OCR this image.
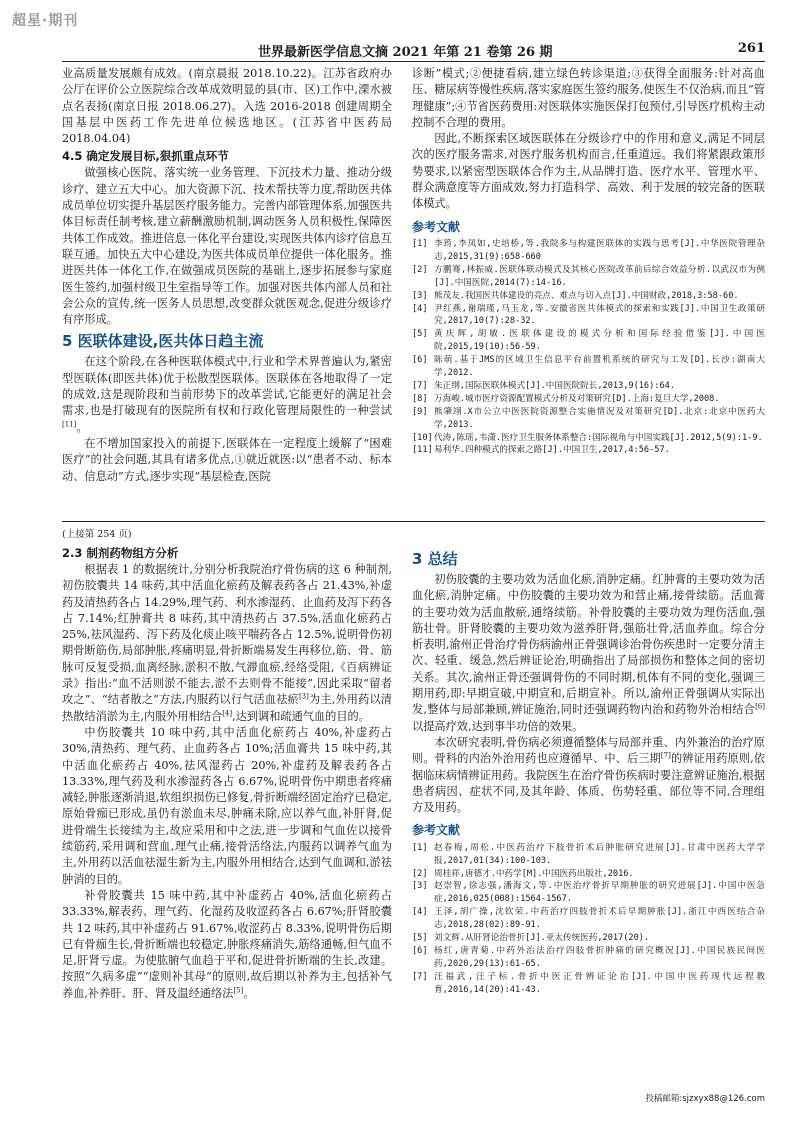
超星·期刊
世界最新医学信息文摘 2021 年第 21 卷第 26 期	261

业高质量发展颇有成效。(南京晨报 2018.10.22)。江苏省政府办公厅在评价公立医院综合改革成效明显的县(市、区)工作中,溧水被点名表扬(南京日报 2018.06.27)。入选 2016-2018 创建周期全国基层中医药工作先进单位候选地区。(江苏省中医药局 2018.04.04)

4.5 确定发展目标,狠抓重点环节

做强核心医院、落实统一业务管理、下沉技术力量、推动分级诊疗、建立五大中心。加大资源下沉、技术帮扶等力度,帮助医共体成员单位切实提升基层医疗服务能力。完善内部管理体系,加强医共体目标责任制考核,建立薪酬激励机制,调动医务人员积极性,保障医共体工作成效。推进信息一体化平台建设,实现医共体内诊疗信息互联互通。加快五大中心建设,为医共体成员单位提供一体化服务。推进医共体一体化工作,在做强成员医院的基础上,逐步拓展参与家庭医生签约,加强村级卫生室指导等工作。加强对医共体内部人员和社会公众的宣传,统一医务人员思想,改变群众就医观念,促进分级诊疗有序形成。

5 医联体建设,医共体日趋主流

在这个阶段,在各种医联体模式中,行业和学术界普遍认为,紧密型医联体(即医共体)优于松散型医联体。医联体在各地取得了一定的成效,这是现阶段和当前形势下的改革尝试,它能更好的满足社会需求,也是打破现有的医院所有权和行政化管理局限性的一种尝试[11]。

在不增加国家投入的前提下,医联体在一定程度上缓解了“困难医疗”的社会问题,其具有诸多优点,①就近就医:以“患者不动、标本动、信息动”方式,逐步实现“基层检查,医院

诊断”模式;②便捷看病,建立绿色转诊渠道;③获得全面服务:针对高血压、糖尿病等慢性疾病,落实家庭医生签约服务,使医生不仅治病,而且“管理健康”;④节省医药费用:对医联体实施医保打包预付,引导医疗机构主动控制不合理的费用。

因此,不断探索区域医联体在分级诊疗中的作用和意义,满足不同层次的医疗服务需求,对医疗服务机构而言,任重道远。我们将紧跟政策形势要求,以紧密型医联体合作为主,从品牌打造、医疗水平、管理水平、群众满意度等方面成效,努力打造科学、高效、利于发展的较完备的医联体模式。

参考文献
[1] 李筠,李凤如,史培桥,等.我院多与构建医联体的实践与思考[J].中华医院管理杂志,2015,31(9):658-660
[2] 方鹏骞,林振威.医联体联动模式及其核心医院改革前后综合效益分析.以武汉市为例[J].中国医院,2014(7):14-16.
[3] 熊茂友.我国医共体建设的亮点、难点与切入点[J].中国财政,2018,3:58-60.
[4] 尹红燕,谢瑞瑾,马玉龙,等.安徽省医共体模式的探索和实践[J].中国卫生政策研究,2017,10(7):28-32.
[5] 黄庆辉,胡敏.医联体建设的模式分析和国际经验借鉴[J].中国医院,2015,19(10):56-59.
[6] 陈萌.基于JMS的区域卫生信息平台前置机系统的研究与工发[D].长沙:湖南大学,2012.
[7] 朱正纲,国际医联体模式[J].中国医院院长,2013,9(16):64.
[8] 万海峻.城市医疗资源配置模式分析及对策研究[D].上海:复旦大学,2008.
[9] 熊肇翊.X市公立中医医院资源整合实施情况及对策研究[D].北京:北京中医药大学,2013.
[10] 代涛,陈瑶,韦潇.医疗卫生服务体系整合:国际视角与中国实践[J].2012,5(9):1-9.
[11] 易利华.四种模式的探索之路[J].中国卫生,2017,4:56-57.
(上接第 254 页)
2.3 制剂药物组方分析

根据表 1 的数据统计,分别分析我院治疗骨伤病的这 6 种制剂,初伤胶囊共 14 味药,其中活血化瘀药及解表药各占 21.43%,补虚药及清热药各占 14.29%,理气药、利水渗湿药、止血药及泻下药各占 7.14%;红肿膏共 8 味药,其中清热药占 37.5%,活血化瘀药占 25%,祛风湿药、泻下药及化痰止咳平喘药各占 12.5%,说明骨伤初期骨断筋伤,局部肿胀,疼痛明显,骨折断端易发生再移位,筋、骨、筋脉可反复受损,血离经脉,淤积不散,气滞血瘀,经络受阻,《百病辨证录》指出:“血不活则淤不能去,淤不去则骨不能接”,因此采取“留者攻之”、“结者散之”方法,内服药以行气活血祛瘀[3]为主,外用药以清热散结消淤为主,内服外用相结合[4],达到调和疏通气血的目的。

中伤胶囊共 10 味中药,其中活血化瘀药占 40%,补虚药占 30%,清热药、理气药、止血药各占 10%;活血膏共 15 味中药,其中活血化瘀药占 40%,祛风湿药占 20%,补虚药及解表药各占 13.33%,理气药及利水渗湿药各占 6.67%,说明骨伤中期患者疼痛减轻,肿胀逐渐消退,软组织损伤已修复,骨折断端经固定治疗已稳定,原始骨痂已形成,虽仍有淤血未尽,肿痛未除,应以养气血,补肝肾,促进骨端生长接续为主,故应采用和中之法,进一步调和气血佐以接骨续筋药,采用调和营血,理气止痛,接骨活络法,内服药以调养气血为主,外用药以活血祛湿生新为主,内服外用相结合,达到气血调和,淤祛肿消的目的。

补骨胶囊共 15 味中药,其中补虚药占 40%,活血化瘀药占 33.33%,解表药、理气药、化湿药及收涩药各占 6.67%;肝肾胶囊共 12 味药,其中补虚药占 91.67%,收涩药占 8.33%,说明骨伤后期已有骨痂生长,骨折断端也较稳定,肿胀疼痛消失,筋络通畅,但气血不足,肝肾亏虚。为使肱腑气血趋于平和,促进骨折断端的生长,改建。按照“久病多虚”“虚则补其母”的原则,故后期以补养为主,包括补气养血,补养肝、肝、肾及温经通络法[5]。

3 总结

初伤胶囊的主要功效为活血化瘀,消肿定痛。红肿膏的主要功效为活血化瘀,消肿定痛。中伤胶囊的主要功效为和营止痛,接骨续筋。活血膏的主要功效为活血散瘀,通络续筋。补骨胶囊的主要功效为理伤活血,强筋壮骨。肝肾胶囊的主要功效为滋养肝肾,强筋壮骨,活血养血。综合分析表明,渝州正骨治疗骨伤病渝州正骨强调诊治骨伤疾患时一定要分清主次、轻重、缓急,然后辨证论治,明确指出了局部损伤和整体之间的密切关系。其次,渝州正骨还强调骨伤的不同时期,机体有不同的变化,强调三期用药,即:早期宣破,中期宣和,后期宣补。所以,渝州正骨强调从实际出发,整体与局部兼顾,辨证施治,同时还强调药物内治和药物外治相结合[6]以提高疗效,达到事半功倍的效果。

本次研究表明,骨伤病必须遵循整体与局部并重、内外兼治的治疗原则。骨科的内治外治用药也应遵循早、中、后三期[7]的辨证用药原则,依据临床病情辨证用药。我院医生在治疗骨伤疾病时要注意辨证施治,根据患者病因、症状不同,及其年龄、体质、伤势轻重、部位等不同,合理组方及用药。

参考文献
[1] 赵春梅,周松.中医药治疗下肢骨折术后肿胀研究进展[J].甘肃中医药大学学报,2017,01(34):100-103.
[2] 周桂祥,唐德才.中药学[M].中国医药出版社,2016.
[3] 赵崇智,徐志强,潘海文,等.中医治疗骨折早期肿胀的研究进展[J].中国中医急症,2016,025(008):1564-1567.
[4] 王泽,胡广操,沈钦荣.中药治疗四肢骨折术后早期肿胀[J].浙江中西医结合杂志,2018,28(02):89-91.
[5] 刘文辉.从肝肾论治骨折[J].亚太传统医药,2017(20).
[6] 杨红,唐青菊.中药外治法治疗四肢骨折肿痛的研究概况[J].中国民族民间医药,2020,29(13):61-65.
[7] 汪福武,汪子标.骨折中医正骨辨证论治[J].中国中医药现代远程教育,2016,14(20):41-43.
投稿邮箱:sjzxyx88@126.com
